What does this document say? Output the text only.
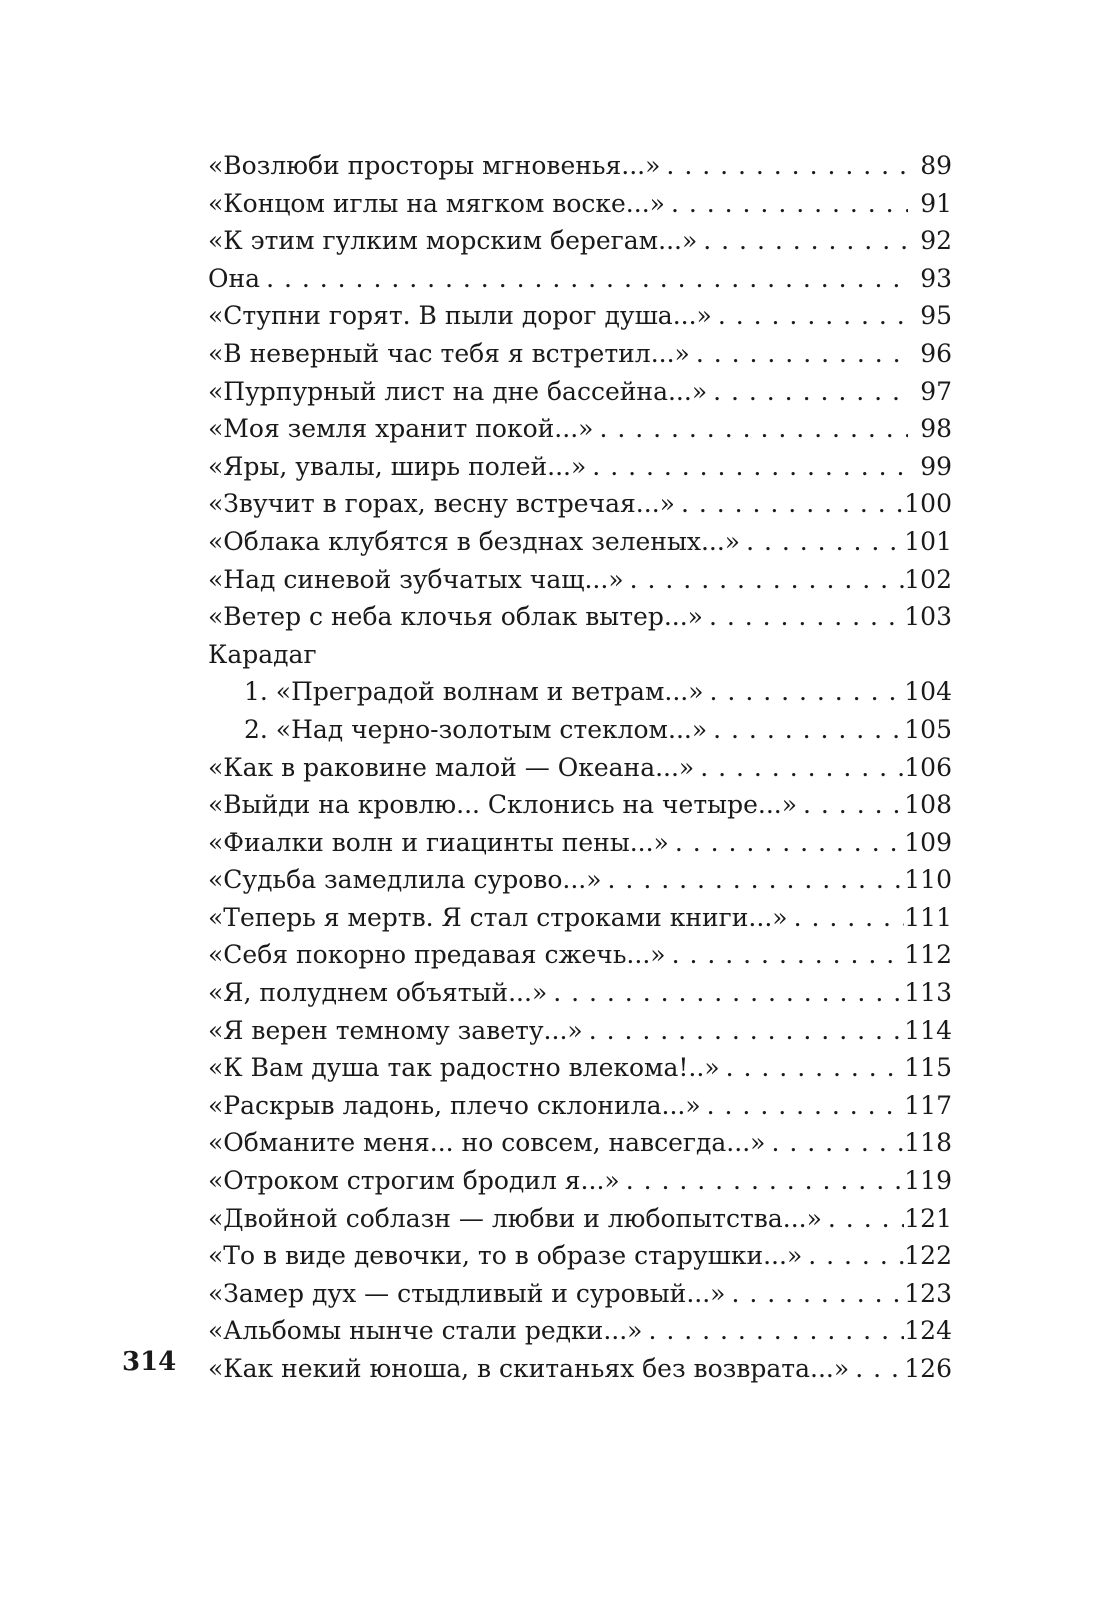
«Возлюби просторы мгновенья...» . . .	89
«Концом иглы на мягком воске...» . . .	91
«К этим гулким морским берегам...» . . .	92
Она . . .	93
«Ступни горят. В пыли дорог душа...» . . .	95
«В неверный час тебя я встретил...» . . .	96
«Пурпурный лист на дне бассейна...» . . .	97
«Моя земля хранит покой...» . . .	98
«Яры, увалы, ширь полей...» . . .	99
«Звучит в горах, весну встречая...» . . .	100
«Облака клубятся в безднах зеленых...» . . .	101
«Над синевой зубчатых чащ...» . . .	102
«Ветер с неба клочья облак вытер...» . . .	103
Карадаг
1. «Преградой волнам и ветрам...» . . .	104
2. «Над черно-золотым стеклом...» . . .	105
«Как в раковине малой — Океана...» . . .	106
«Выйди на кровлю... Склонись на четыре...» . . .	108
«Фиалки волн и гиацинты пены...» . . .	109
«Судьба замедлила сурово...» . . .	110
«Теперь я мертв. Я стал строками книги...» . . .	111
«Себя покорно предавая сжечь...» . . .	112
«Я, полуднем объятый...» . . .	113
«Я верен темному завету...» . . .	114
«К Вам душа так радостно влекома!..» . . .	115
«Раскрыв ладонь, плечо склонила...» . . .	117
«Обманите меня... но совсем, навсегда...» . . .	118
«Отроком строгим бродил я...» . . .	119
«Двойной соблазн — любви и любопытства...» . . .	121
«То в виде девочки, то в образе старушки...» . . .	122
«Замер дух — стыдливый и суровый...» . . .	123
«Альбомы нынче стали редки...» . . .	124
«Как некий юноша, в скитаньях без возврата...» . . . 126
314
